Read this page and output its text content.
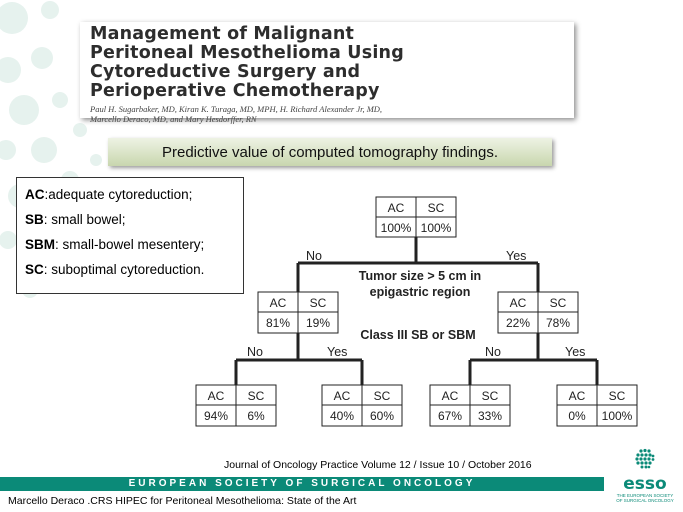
Management of Malignant
Peritoneal Mesothelioma Using
Cytoreductive Surgery and
Perioperative Chemotherapy
Paul H. Sugarbaker, MD, Kiran K. Turaga, MD, MPH, H. Richard Alexander Jr, MD,
Marcello Deraco, MD, and Mary Hesdorffer, RN
Predictive value of computed tomography findings.
AC:adequate cytoreduction;
SB: small bowel;
SBM: small-bowel mesentery;
SC: suboptimal cytoreduction.
AC SC
100% 100%
No	Yes
Tumor size > 5 cm in
epigastric region
AC SC
81% 19%
AC SC
22% 78%
Class III SB or SBM
No	Yes	No	Yes
AC SC
94% 6%
AC SC
40% 60%
AC SC
67% 33%
AC SC
0% 100%
Journal of Oncology Practice Volume 12 / Issue 10 / October 2016
EUROPEAN SOCIETY OF SURGICAL ONCOLOGY
Marcello Deraco .CRS HIPEC for Peritoneal Mesothelioma: State of the Art
esso
THE EUROPEAN SOCIETY
OF SURGICAL ONCOLOGY
